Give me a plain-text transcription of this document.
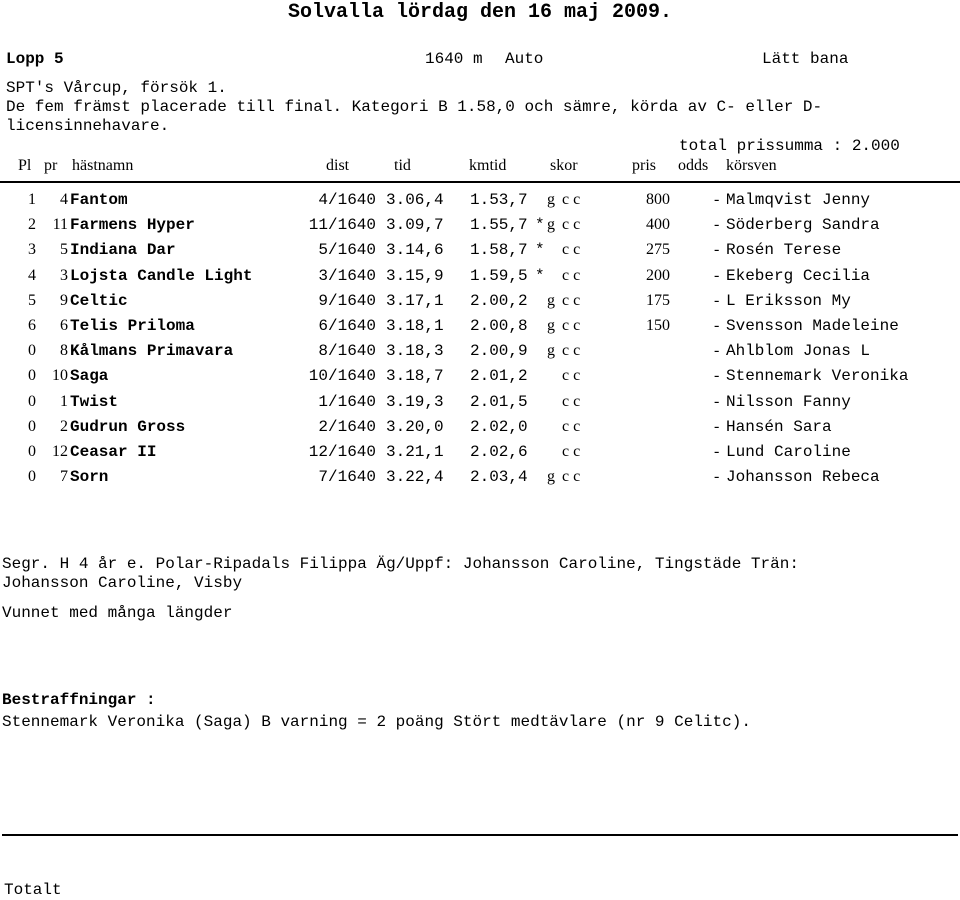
Solvalla lördag den 16 maj 2009.
Lopp 5	1640 m Auto	Lätt bana
SPT's Vårcup, försök 1.
De fem främst placerade till final. Kategori B 1.58,0 och sämre, körda av C- eller D-
licensinnehavare.
total prissumma : 2.000
Pl pr hästnamn	dist	tid	kmtid	skor	pris odds körsven
1	4 Fantom	4/1640 3.06,4 1.53,7 g c c	800	- Malmqvist Jenny
2 11 Farmens Hyper	11/1640 3.09,7 1.55,7 * g c c	400	- Söderberg Sandra
3	5 Indiana Dar	5/1640 3.14,6 1.58,7 * c c	275	- Rosén Terese
4	3 Lojsta Candle Light	3/1640 3.15,9 1.59,5 * c c	200	- Ekeberg Cecilia
5	9 Celtic	9/1640 3.17,1 2.00,2 g c c	175	- L Eriksson My
6	6 Telis Priloma	6/1640 3.18,1 2.00,8 g c c	150	- Svensson Madeleine
0	8 Kålmans Primavara	8/1640 3.18,3 2.00,9 g c c	- Ahlblom Jonas L
0 10 Saga	10/1640 3.18,7 2.01,2 c c	- Stennemark Veronika
0	1 Twist	1/1640 3.19,3 2.01,5 c c	- Nilsson Fanny
0	2 Gudrun Gross	2/1640 3.20,0 2.02,0 c c	- Hansén Sara
0 12 Ceasar II	12/1640 3.21,1 2.02,6 c c	- Lund Caroline
0	7 Sorn	7/1640 3.22,4 2.03,4 g c c	- Johansson Rebeca
Segr. H 4 år e. Polar-Ripadals Filippa Äg/Uppf: Johansson Caroline, Tingstäde Trän:
Johansson Caroline, Visby
Vunnet med många längder
Bestraffningar :
Stennemark Veronika (Saga) B varning = 2 poäng Stört medtävlare (nr 9 Celitc).
Totalt
